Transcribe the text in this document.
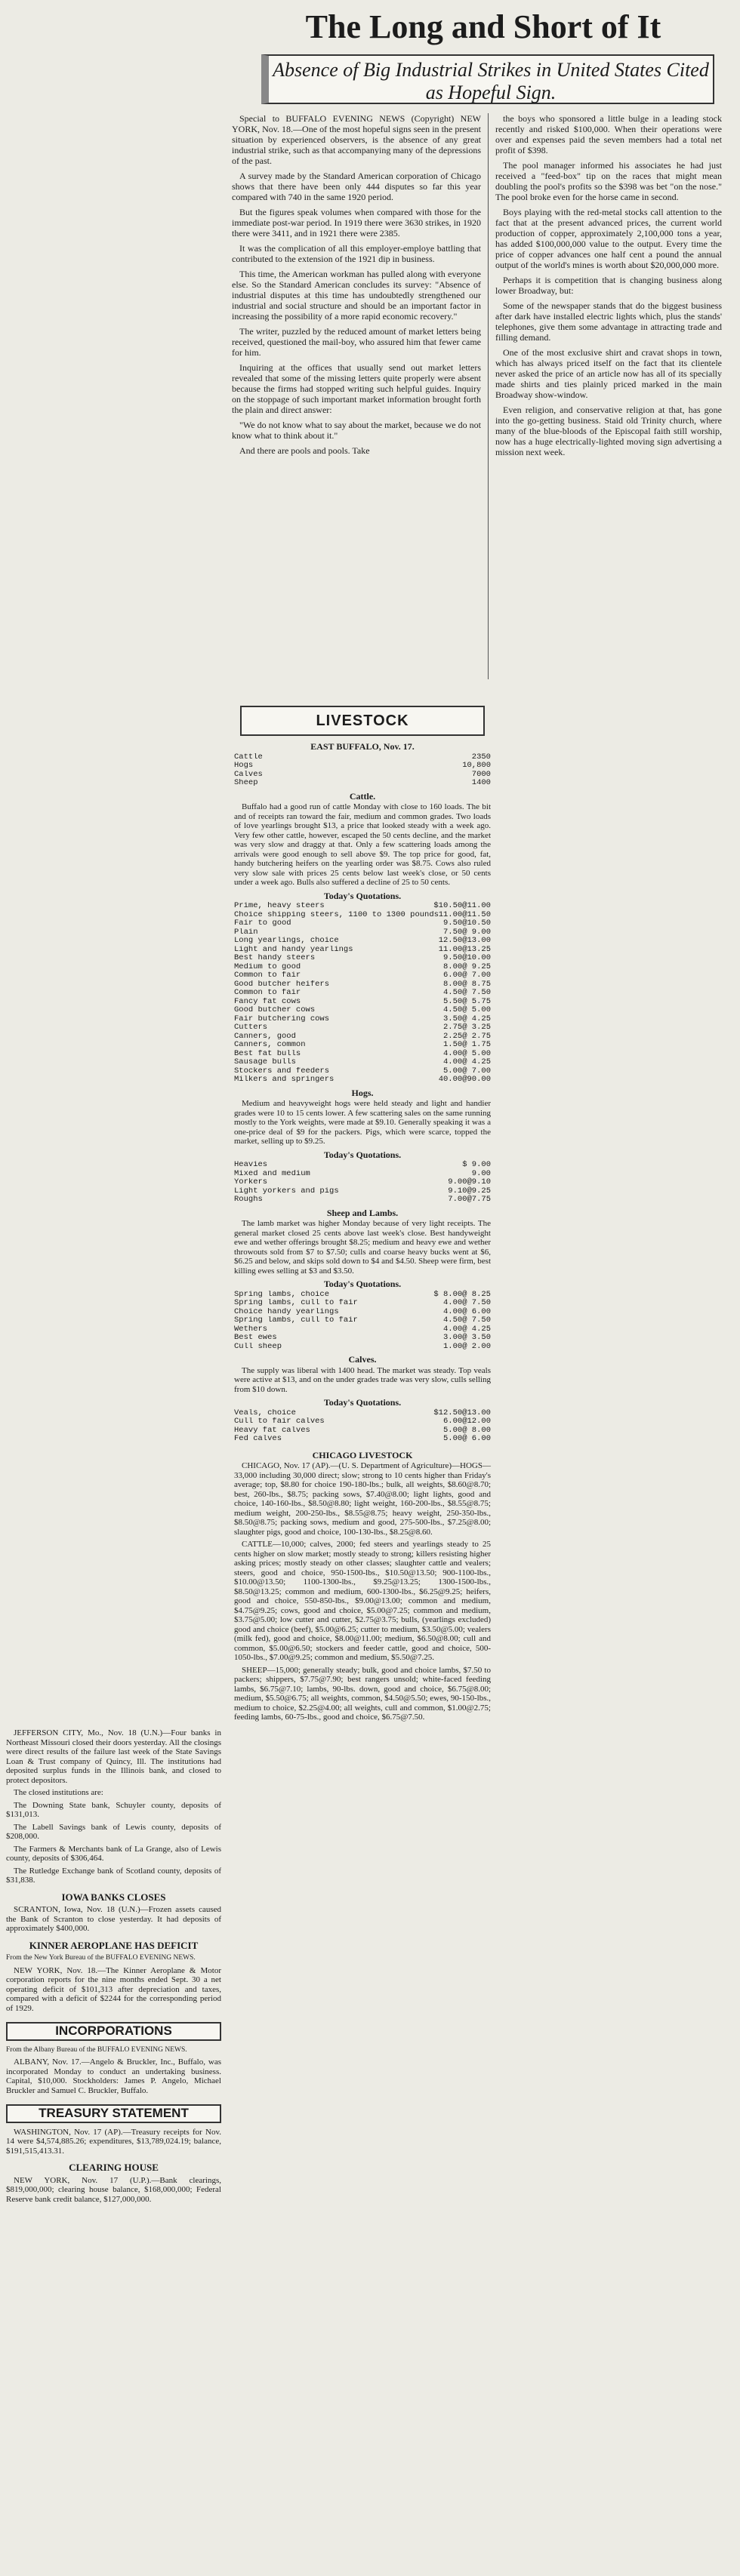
The Long and Short of It
Absence of Big Industrial Strikes in United States Cited as Hopeful Sign.

Special to BUFFALO EVENING NEWS (Copyright) NEW YORK, Nov. 18.—One of the most hopeful signs seen in the present situation by experienced observers, is the absence of any great industrial strike, such as that accompanying many of the depressions of the past.

A survey made by the Standard American corporation of Chicago shows that there have been only 444 disputes so far this year compared with 740 in the same 1920 period.

But the figures speak volumes when compared with those for the immediate post-war period. In 1919 there were 3630 strikes, in 1920 there were 3411, and in 1921 there were 2385.

It was the complication of all this employer-employe battling that contributed to the extension of the 1921 dip in business.

This time, the American workman has pulled along with everyone else. So the Standard American concludes its survey: "Absence of industrial disputes at this time has undoubtedly strengthened our industrial and social structure and should be an important factor in increasing the possibility of a more rapid economic recovery."

The writer, puzzled by the reduced amount of market letters being received, questioned the mail-boy, who assured him that fewer came for him.

Inquiring at the offices that usually send out market letters revealed that some of the missing letters quite properly were absent because the firms had stopped writing such helpful guides. Inquiry on the stoppage of such important market information brought forth the plain and direct answer:

"We do not know what to say about the market, because we do not know what to think about it."

And there are pools and pools. Take

the boys who sponsored a little bulge in a leading stock recently and risked $100,000. When their operations were over and expenses paid the seven members had a total net profit of $398.

The pool manager informed his associates he had just received a "feed-box" tip on the races that might mean doubling the pool's profits so the $398 was bet "on the nose." The pool broke even for the horse came in second.

Boys playing with the red-metal stocks call attention to the fact that at the present advanced prices, the current world production of copper, approximately 2,100,000 tons a year, has added $100,000,000 value to the output. Every time the price of copper advances one half cent a pound the annual output of the world's mines is worth about $20,000,000 more.

Perhaps it is competition that is changing business along lower Broadway, but:

Some of the newspaper stands that do the biggest business after dark have installed electric lights which, plus the stands' telephones, give them some advantage in attracting trade and filling demand.

One of the most exclusive shirt and cravat shops in town, which has always priced itself on the fact that its clientele never asked the price of an article now has all of its specially made shirts and ties plainly priced marked in the main Broadway show-window.

Even religion, and conservative religion at that, has gone into the go-getting business. Staid old Trinity church, where many of the blue-bloods of the Episcopal faith still worship, now has a huge electrically-lighted moving sign advertising a mission next week.

LIVESTOCK
EAST BUFFALO, Nov. 17.
Cattle	2350
Hogs	10,800
Calves	7000
Sheep	1400
Cattle.
Buffalo had a good run of cattle Monday with close to 160 loads. The bit and of receipts ran toward the fair, medium and common grades. Two loads of love yearlings brought $13, a price that looked steady with a week ago. Very few other cattle, however, escaped the 50 cents decline, and the market was very slow and draggy at that. Only a few scattering loads among the arrivals were good enough to sell above $9. The top price for good, fat, handy butchering heifers on the yearling order was $8.75. Cows also ruled very slow sale with prices 25 cents below last week's close, or 50 cents under a week ago. Bulls also suffered a decline of 25 to 50 cents.
Today's Quotations.
Prime, heavy steers	$10.50@11.00
Choice shipping steers, 1100 to 1300 pounds 11.00@11.50
Fair to good	9.50@10.50
Plain	7.50@ 9.00
Long yearlings, choice	12.50@13.00
Light and handy yearlings	11.00@13.25
Best handy steers	9.50@10.00
Medium to good	8.00@ 9.25
Common to fair	6.00@ 7.00
Good butcher heifers	8.00@ 8.75
Common to fair	4.50@ 7.50
Fancy fat cows	5.50@ 5.75
Good butcher cows	4.50@ 5.00
Fair butchering cows	3.50@ 4.25
Cutters	2.75@ 3.25
Canners, good	2.25@ 2.75
Canners, common	1.50@ 1.75
Best fat bulls	4.00@ 5.00
Sausage bulls	4.00@ 4.25
Stockers and feeders	5.00@ 7.00
Milkers and springers	40.00@90.00
Hogs.
Medium and heavyweight hogs were held steady and light and handier grades were 10 to 15 cents lower. A few scattering sales on the same running mostly to the York weights, were made at $9.10. Generally speaking it was a one-price deal of $9 for the packers. Pigs, which were scarce, topped the market, selling up to $9.25.
Today's Quotations.
Heavies	$ 9.00
Mixed and medium	9.00
Yorkers	9.00@9.10
Light yorkers and pigs	9.10@9.25
Roughs	7.00@7.75
Sheep and Lambs.
The lamb market was higher Monday because of very light receipts. The general market closed 25 cents above last week's close. Best handyweight ewe and wether offerings brought $8.25; medium and heavy ewe and wether throwouts sold from $7 to $7.50; culls and coarse heavy bucks went at $6, $6.25 and below, and skips sold down to $4 and $4.50. Sheep were firm, best killing ewes selling at $3 and $3.50.
Today's Quotations.
Spring lambs, choice	$ 8.00@ 8.25
Spring lambs, cull to fair	4.00@ 7.50
Choice handy yearlings	4.00@ 6.00
Spring lambs, cull to fair	4.50@ 7.50
Wethers	4.00@ 4.25
Best ewes	3.00@ 3.50
Cull sheep	1.00@ 2.00
Calves.
The supply was liberal with 1400 head. The market was steady. Top veals were active at $13, and on the under grades trade was very slow, culls selling from $10 down.
Today's Quotations.
Veals, choice	$12.50@13.00
Cull to fair calves	6.00@12.00
Heavy fat calves	5.00@ 8.00
Fed calves	5.00@ 6.00
CHICAGO LIVESTOCK
CHICAGO, Nov. 17 (AP).—(U. S. Department of Agriculture)—HOGS—33,000 including 30,000 direct; slow; strong to 10 cents higher than Friday's average; top, $8.80 for choice 190-180-lbs.; bulk, all weights, $8.60@8.70; best, 260-lbs., $8.75; packing sows, $7.40@8.00; light lights, good and choice, 140-160-lbs., $8.50@8.80; light weight, 160-200-lbs., $8.55@8.75; medium weight, 200-250-lbs., $8.55@8.75; heavy weight, 250-350-lbs., $8.50@8.75; packing sows, medium and good, 275-500-lbs., $7.25@8.00; slaughter pigs, good and choice, 100-130-lbs., $8.25@8.60.
CATTLE—10,000; calves, 2000; fed steers and yearlings steady to 25 cents higher on slow market; mostly steady to strong; killers resisting higher asking prices; mostly steady on other classes; slaughter cattle and vealers; steers, good and choice, 950-1500-lbs., $10.50@13.50; 900-1100-lbs., $10.00@13.50; 1100-1300-lbs., $9.25@13.25; 1300-1500-lbs., $8.50@13.25; common and medium, 600-1300-lbs., $6.25@9.25; heifers, good and choice, 550-850-lbs., $9.00@13.00; common and medium, $4.75@9.25; cows, good and choice, $5.00@7.25; common and medium, $3.75@5.00; low cutter and cutter, $2.75@3.75; bulls, (yearlings excluded) good and choice (beef), $5.00@6.25; cutter to medium, $3.50@5.00; vealers (milk fed), good and choice, $8.00@11.00; medium, $6.50@8.00; cull and common, $5.00@6.50; stockers and feeder cattle, good and choice, 500-1050-lbs., $7.00@9.25; common and medium, $5.50@7.25.
SHEEP—15,000; generally steady; bulk, good and choice lambs, $7.50 to packers; shippers, $7.75@7.90; best rangers unsold; white-faced feeding lambs, $6.75@7.10; lambs, 90-lbs. down, good and choice, $6.75@8.00; medium, $5.50@6.75; all weights, common, $4.50@5.50; ewes, 90-150-lbs., medium to choice, $2.25@4.00; all weights, cull and common, $1.00@2.75; feeding lambs, 60-75-lbs., good and choice, $6.75@7.50.

JEFFERSON CITY, Mo., Nov. 18 (U.N.)—Four banks in Northeast Missouri closed their doors yesterday. All the closings were direct results of the failure last week of the State Savings Loan & Trust company of Quincy, Ill. The institutions had deposited surplus funds in the Illinois bank, and closed to protect depositors.

The closed institutions are:

The Downing State bank, Schuyler county, deposits of $131,013.

The Labell Savings bank of Lewis county, deposits of $208,000.

The Farmers & Merchants bank of La Grange, also of Lewis county, deposits of $306,464.

The Rutledge Exchange bank of Scotland county, deposits of $31,838.

IOWA BANKS CLOSES

SCRANTON, Iowa, Nov. 18 (U.N.)—Frozen assets caused the Bank of Scranton to close yesterday. It had deposits of approximately $400,000.

KINNER AEROPLANE HAS DEFICIT

From the New York Bureau of the BUFFALO EVENING NEWS.

NEW YORK, Nov. 18.—The Kinner Aeroplane & Motor corporation reports for the nine months ended Sept. 30 a net operating deficit of $101,313 after depreciation and taxes, compared with a deficit of $2244 for the corresponding period of 1929.

INCORPORATIONS

From the Albany Bureau of the BUFFALO EVENING NEWS.

ALBANY, Nov. 17.—Angelo & Bruckler, Inc., Buffalo, was incorporated Monday to conduct an undertaking business. Capital, $10,000. Stockholders: James P. Angelo, Michael Bruckler and Samuel C. Bruckler, Buffalo.

TREASURY STATEMENT

WASHINGTON, Nov. 17 (AP).—Treasury receipts for Nov. 14 were $4,574,885.26; expenditures, $13,789,024.19; balance, $191,515,413.31.

CLEARING HOUSE

NEW YORK, Nov. 17 (U.P.).—Bank clearings, $819,000,000; clearing house balance, $168,000,000; Federal Reserve bank credit balance, $127,000,000.
